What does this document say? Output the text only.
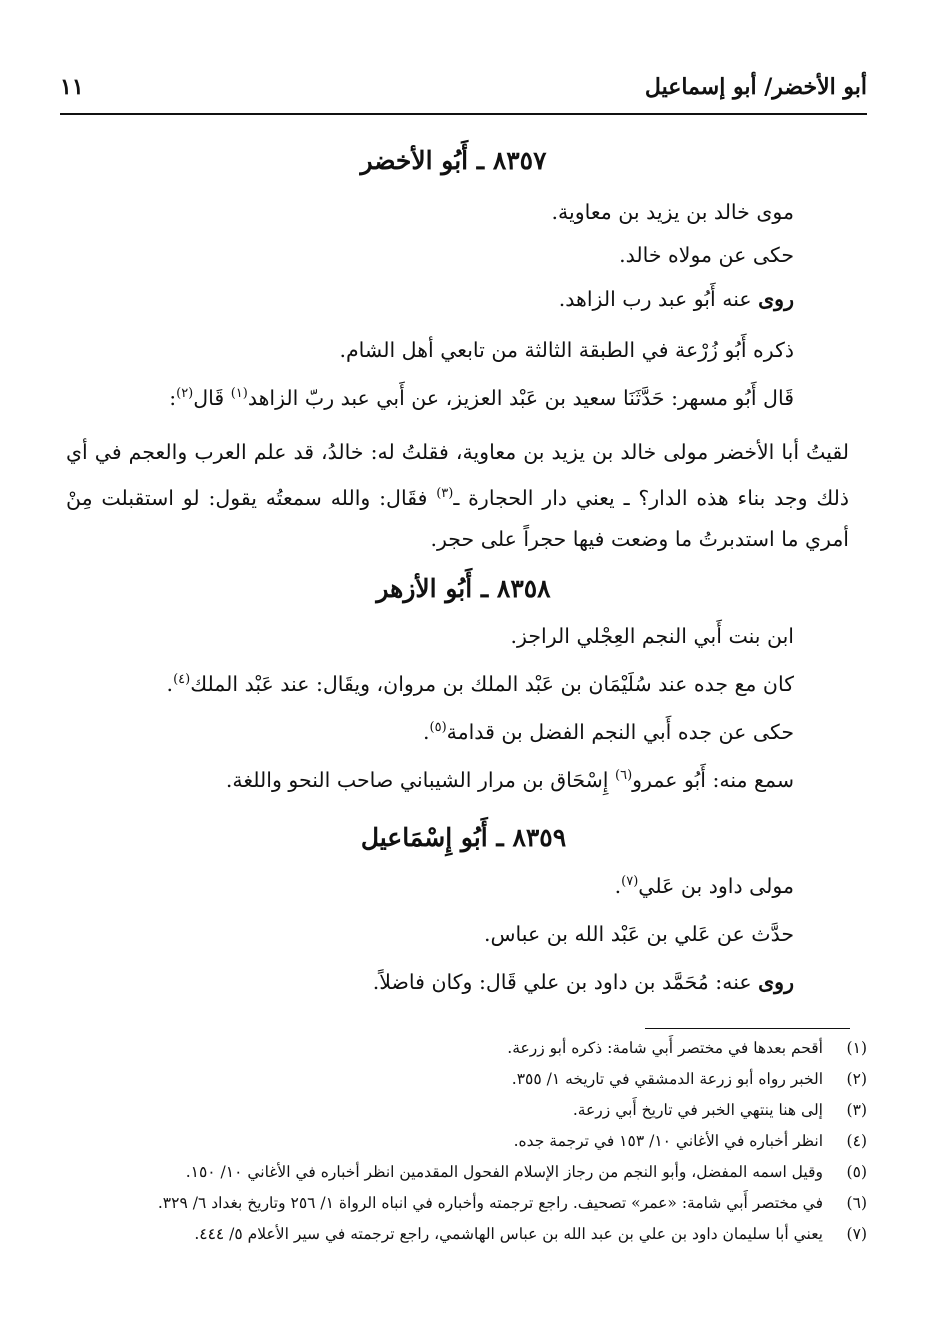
أبو الأخضر/ أبو إسماعيل
١١
٨٣٥٧ ـ أَبُو الأخضر
موى خالد بن يزيد بن معاوية.
حكى عن مولاه خالد.
روى عنه أَبُو عبد رب الزاهد.
ذكره أَبُو زُرْعة في الطبقة الثالثة من تابعي أهل الشام.
قَال أَبُو مسهر: حَدَّثَنَا سعيد بن عَبْد العزيز، عن أَبي عبد ربّ الزاهد$^{(١)}$ قَال$^{(٢)}$:
لقيتُ أبا الأخضر مولى خالد بن يزيد بن معاوية، فقلتُ له: خالدُ، قد علم العرب والعجم في أي ذلك وجد بناء هذه الدار؟ ـ يعني دار الحجارة ـ$^{(٣)}$ فقَال: والله سمعتُه يقول: لو استقبلت مِنْ أمري ما استدبرتُ ما وضعت فيها حجراً على حجر.
٨٣٥٨ ـ أَبُو الأزهر
ابن بنت أَبي النجم العِجْلي الراجز.
كان مع جده عند سُلَيْمَان بن عَبْد الملك بن مروان، ويقَال: عند عَبْد الملك$^{(٤)}$.
حكى عن جده أَبي النجم الفضل بن قدامة$^{(٥)}$.
سمع منه: أَبُو عمرو$^{(٦)}$ إِسْحَاق بن مرار الشيباني صاحب النحو واللغة.
٨٣٥٩ ـ أَبُو إِسْمَاعيل
مولى داود بن عَلي$^{(٧)}$.
حدَّث عن عَلي بن عَبْد الله بن عباس.
روى عنه: مُحَمَّد بن داود بن علي قَال: وكان فاضلاً.
(١)
أقحم بعدها في مختصر أَبي شامة: ذكره أبو زرعة.
(٢)
الخبر رواه أبو زرعة الدمشقي في تاريخه ١/ ٣٥٥.
(٣)
إلى هنا ينتهي الخبر في تاريخ أَبي زرعة.
(٤)
انظر أخباره في الأغاني ١٠/ ١٥٣ في ترجمة جده.
(٥)
وقيل اسمه المفضل، وأبو النجم من رجاز الإسلام الفحول المقدمين انظر أخباره في الأغاني ١٠/ ١٥٠.
(٦)
في مختصر أَبي شامة: «عمر» تصحيف. راجع ترجمته وأخباره في انباه الرواة ١/ ٢٥٦ وتاريخ بغداد ٦/ ٣٢٩.
(٧)
يعني أبا سليمان داود بن علي بن عبد الله بن عباس الهاشمي، راجع ترجمته في سير الأعلام ٥/ ٤٤٤.
